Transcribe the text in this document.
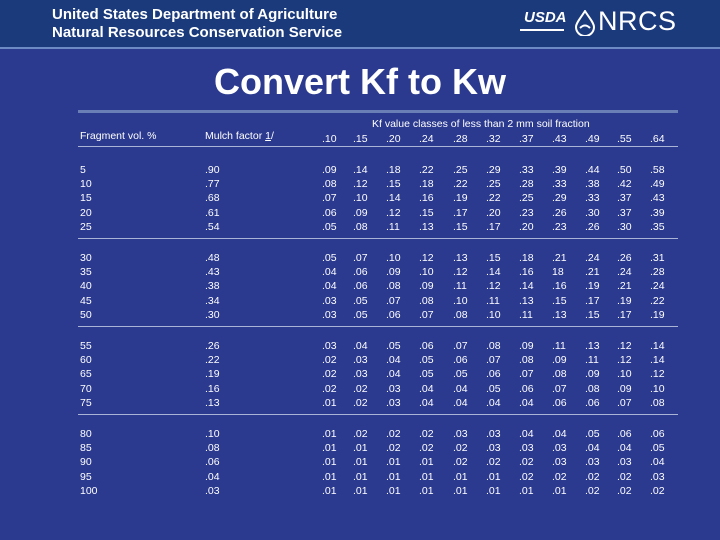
United States Department of Agriculture
Natural Resources Conservation Service
USDA NRCS
Convert Kf to Kw
Fragment vol. %	Mulch factor 1/
Kf value classes of less than 2 mm soil fraction
.10 .15 .20 .24 .28 .32 .37 .43 .49 .55 .64
5	.90	.09 .14 .18 .22 .25 .29 .33 .39 .44 .50 .58
10	.77	.08 .12 .15 .18 .22 .25 .28 .33 .38 .42 .49
15	.68	.07 .10 .14 .16 .19 .22 .25 .29 .33 .37 .43
20	.61	.06 .09 .12 .15 .17 .20 .23 .26 .30 .37 .39
25	.54	.05 .08 .11 .13 .15 .17 .20 .23 .26 .30 .35
30	.48	.05 .07 .10 .12 .13 .15 .18 .21 .24 .26 .31
35	.43	.04 .06 .09 .10 .12 .14 .16 18 .21 .24 .28
40	.38	.04 .06 .08 .09 .11 .12 .14 .16 .19 .21 .24
45	.34	.03 .05 .07 .08 .10 .11 .13 .15 .17 .19 .22
50	.30	.03 .05 .06 .07 .08 .10 .11 .13 .15 .17 .19
55	.26	.03 .04 .05 .06 .07 .08 .09 .11 .13 .12 .14
60	.22	.02 .03 .04 .05 .06 .07 .08 .09 .11 .12 .14
65	.19	.02 .03 .04 .05 .05 .06 .07 .08 .09 .10 .12
70	.16	.02 .02 .03 .04 .04 .05 .06 .07 .08 .09 .10
75	.13	.01 .02 .03 .04 .04 .04 .04 .06 .06 .07 .08
80	.10	.01 .02 .02 .02 .03 .03 .04 .04 .05 .06 .06
85	.08	.01 .01 .02 .02 .02 .03 .03 .03 .04 .04 .05
90	.06	.01 .01 .01 .01 .02 .02 .02 .03 .03 .03 .04
95	.04	.01 .01 .01 .01 .01 .01 .02 .02 .02 .02 .03
100	.03	.01 .01 .01 .01 .01 .01 .01 .01 .02 .02 .02
